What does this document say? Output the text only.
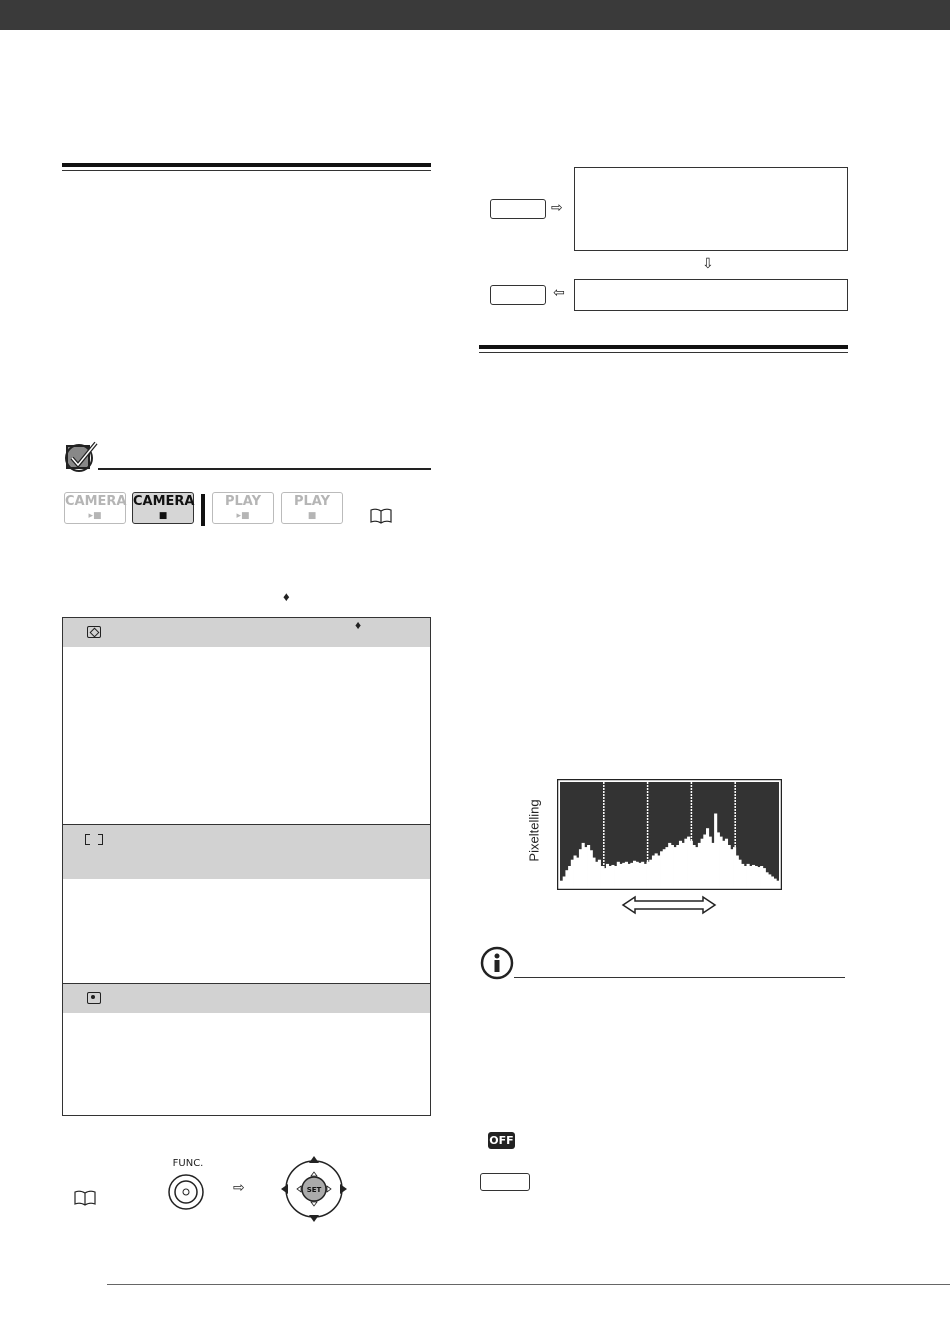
CAMERA
▸■
CAMERA
■
PLAY
▸■
PLAY
■
♦
♦
FUNC.
⇨	SET
⇨
⇩
⇦
Pixeltelling
OFF
